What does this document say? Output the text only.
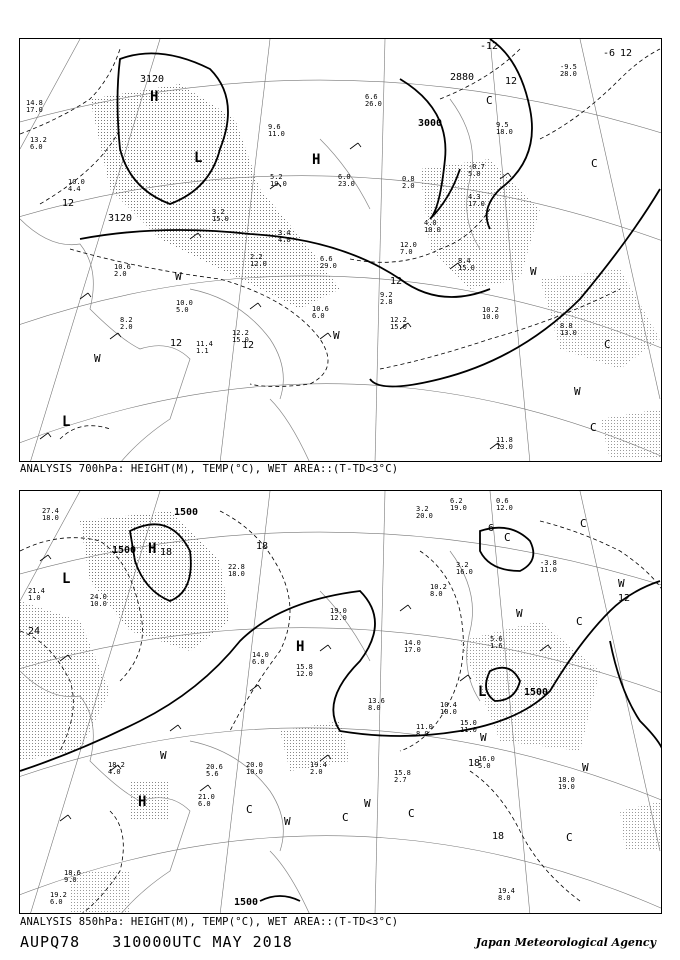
3120
3120
3000
2880
12
12
-6 12
-12
12
12
12
H
L	H
L
C
C
C
C
W
W
W
W
W
14.8
17.0
13.2
6.0
10.0
4.4
10.6
2.0
8.2
2.0
11.4
1.1
10.2
10.0
8.8
13.0
11.8
13.0
12.2
15.0
9.2
2.8
12.2
15.0
10.6
6.0
6.6
29.0
3.4
4.0
5.2
19.0
9.6
11.0
6.0
23.0
0.8
2.0
-0.7
5.0
4.3
17.0
8.4
15.0
12.0
7.0
4.0
10.0
9.5
18.0
-9.5
28.0
3.2
15.0
2.2
12.0
6.6
26.0
10.0
5.0
ANALYSIS 700hPa: HEIGHT(M), TEMP(°C), WET AREA::(T-TD<3°C)
1500
1500
1500
1500
18
24
18
6
12
18
18
H
L
H
H
L
C
C
C
C	C
C
C
W
W
W
W
W
W
W
27.4
18.0
21.4
1.0	24.0
10.0
18.2
4.0
18.6
9.0
19.2
6.0
21.0
6.0
20.6
5.6
19.4
2.0
20.0
10.0
16.0
5.0
15.8
2.7	18.0
19.0
19.4
8.0
10.2
8.0
22.8
18.0
19.0
12.0
15.8
12.0
14.0
6.0
13.6
8.0	10.4
10.0
14.0
17.0
15.0
11.0
11.0
8.0
6.2
19.0
0.6
12.0
3.2
16.0
-3.8
11.0
5.6
1.6
3.2
20.0
ANALYSIS 850hPa: HEIGHT(M), TEMP(°C), WET AREA::(T-TD<3°C)
AUPQ78 310000UTC MAY 2018	Japan Meteorological Agency
